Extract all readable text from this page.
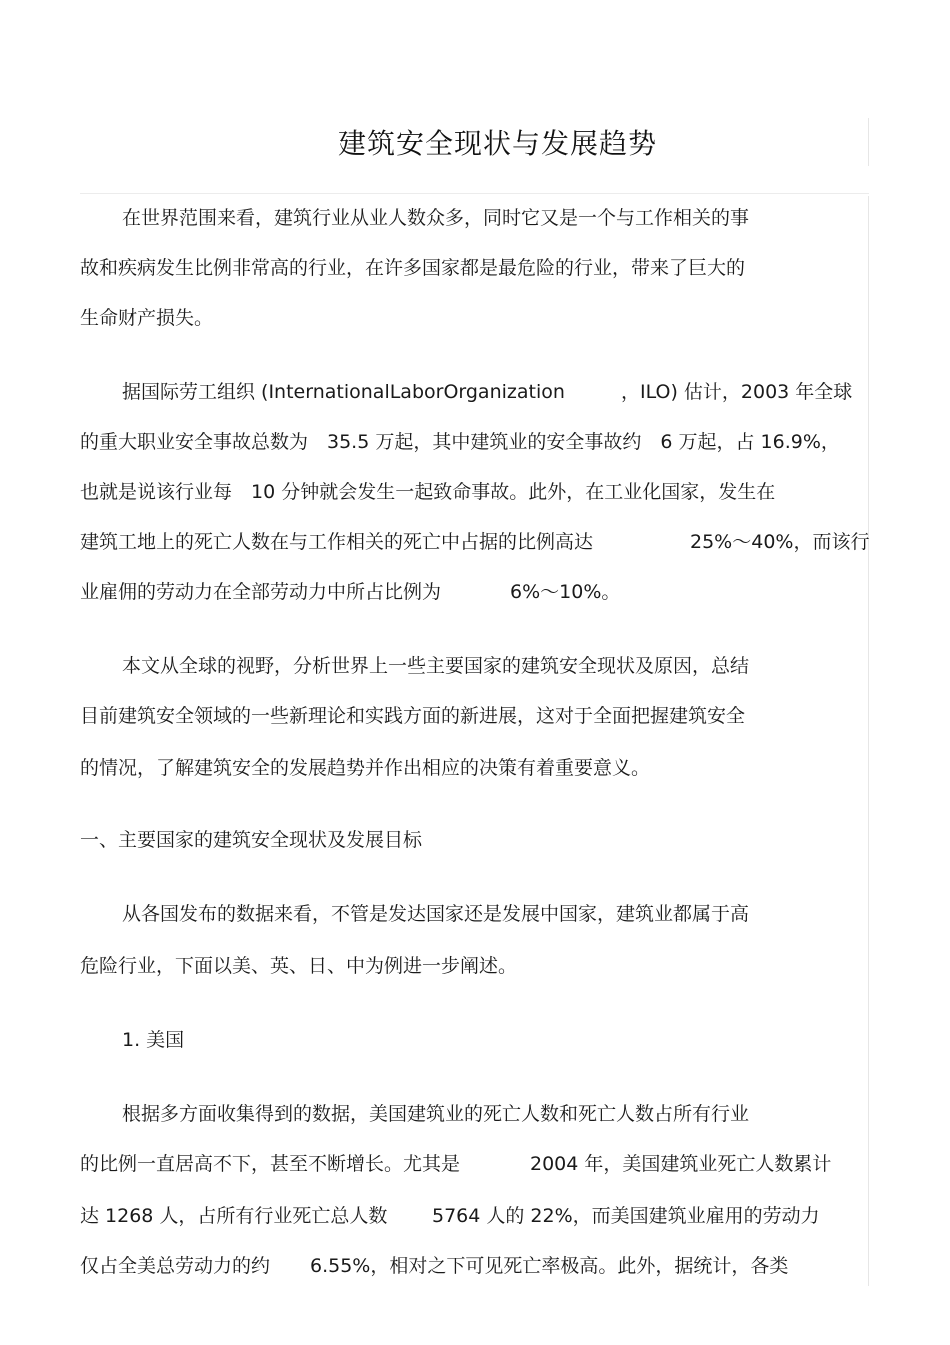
建筑安全现状与发展趋势
在世界范围来看，建筑行业从业人数众多，同时它又是一个与工作相关的事
故和疾病发生比例非常高的行业，在许多国家都是最危险的行业，带来了巨大的
生命财产损失。
据国际劳工组织 (InternationalLaborOrganization	，ILO) 估计，2003 年全球
的重大职业安全事故总数为　35.5 万起，其中建筑业的安全事故约　6 万起，占 16.9%，
也就是说该行业每　10 分钟就会发生一起致命事故。此外，在工业化国家，发生在
建筑工地上的死亡人数在与工作相关的死亡中占据的比例高达	25%～40%，而该行
业雇佣的劳动力在全部劳动力中所占比例为	6%～10%。
本文从全球的视野，分析世界上一些主要国家的建筑安全现状及原因，总结
目前建筑安全领域的一些新理论和实践方面的新进展，这对于全面把握建筑安全
的情况，了解建筑安全的发展趋势并作出相应的决策有着重要意义。
一、主要国家的建筑安全现状及发展目标
从各国发布的数据来看，不管是发达国家还是发展中国家，建筑业都属于高
危险行业，下面以美、英、日、中为例进一步阐述。
1. 美国
根据多方面收集得到的数据，美国建筑业的死亡人数和死亡人数占所有行业
的比例一直居高不下，甚至不断增长。尤其是	2004 年，美国建筑业死亡人数累计
达 1268 人，占所有行业死亡总人数 5764 人的 22%，而美国建筑业雇用的劳动力
仅占全美总劳动力的约 6.55%，相对之下可见死亡率极高。此外，据统计，各类
